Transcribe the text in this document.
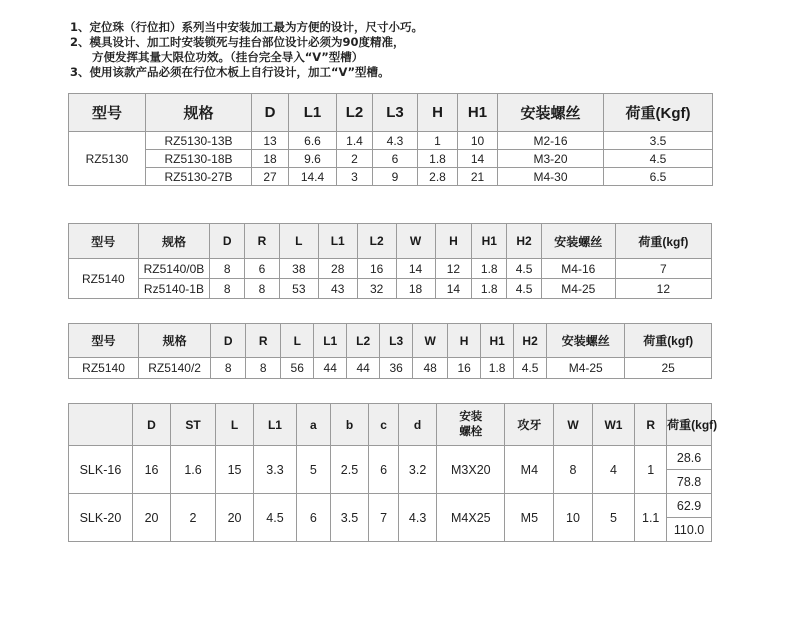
1、定位珠（行位扣）系列当中安装加工最为方便的设计，尺寸小巧。
2、模具设计、加工时安装锁死与挂台部位设计必须为90度精准，
方便发挥其量大限位功效。（挂台完全导入“V”型槽）
3、使用该款产品必须在行位木板上自行设计，加工“V”型槽。
型号	规格	D	L1	L2	L3	H	H1	安装螺丝	荷重(Kgf)
RZ5130	RZ5130-13B	13	6.6	1.4	4.3	1	10	M2-16	3.5
	RZ5130-18B	18	9.6	2	6	1.8	14	M3-20	4.5
	RZ5130-27B	27	14.4	3	9	2.8	21	M4-30	6.5
型号	规格	D	R	L	L1	L2	W	H	H1	H2	安装螺丝	荷重(kgf)
RZ5140	RZ5140/0B	8	6	38	28	16	14	12	1.8	4.5	M4-16	7
	Rz5140-1B	8	8	53	43	32	18	14	1.8	4.5	M4-25	12
型号	规格	D	R	L	L1	L2	L3	W	H	H1	H2	安装螺丝	荷重(kgf)
RZ5140	RZ5140/2	8	8	56	44	44	36	48	16	1.8	4.5	M4-25	25
	D	ST	L	L1	a	b	c	d	安装
螺栓	攻牙	W	W1	R	荷重(kgf)
SLK-16	16	1.6	15	3.3	5	2.5	6	3.2	M3X20	M4	8	4	1	28.6
														78.8
SLK-20	20	2	20	4.5	6	3.5	7	4.3	M4X25	M5	10	5	1.1	62.9
														110.0
